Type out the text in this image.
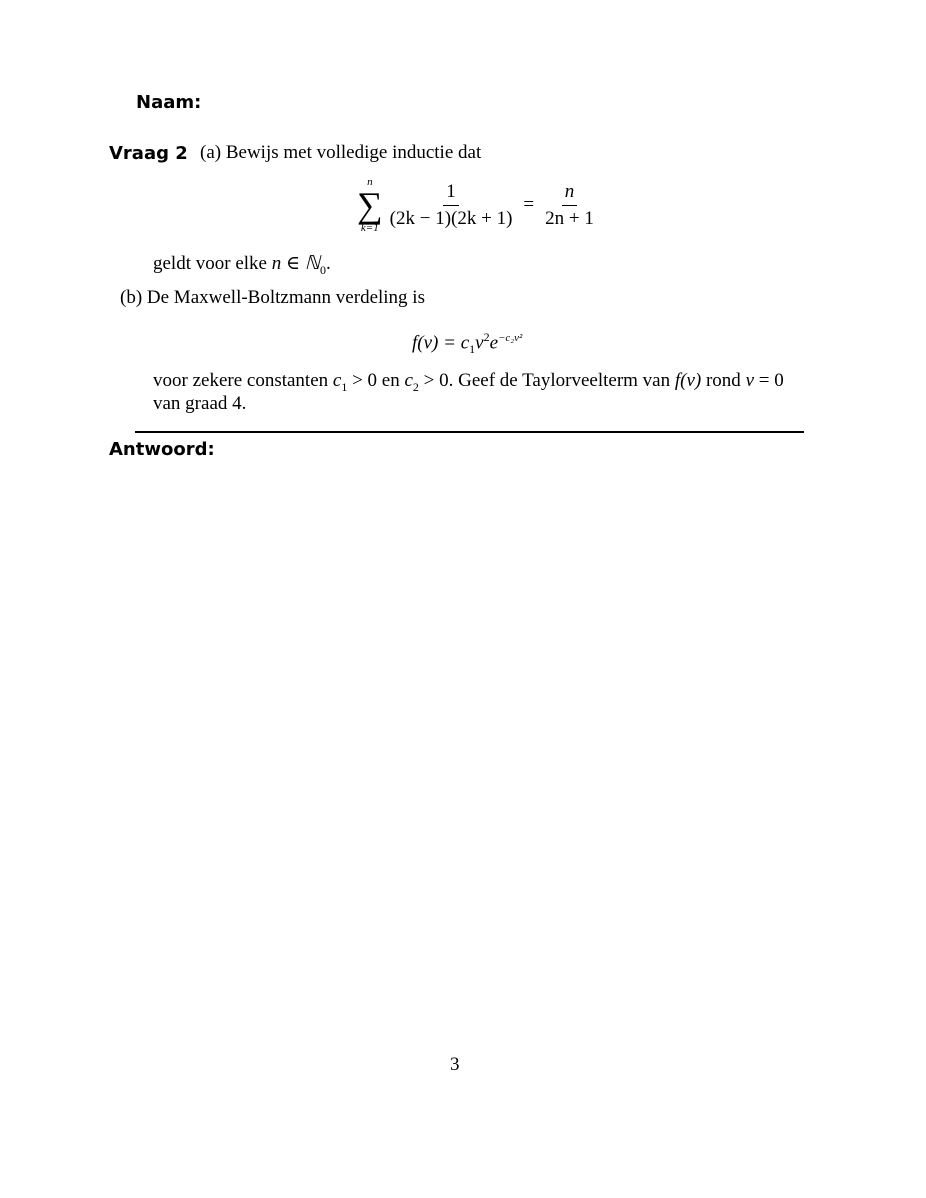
Naam:
Vraag 2 (a) Bewijs met volledige inductie dat
n
∑
$k=1 \frac{1}{(2k - 1)(2k + 1)} = \frac{n}{2n + 1}$
geldt voor elke n ∈ ℕ$_0$.
(b) De Maxwell-Boltzmann verdeling is
$f(v) = c_1v^2e^{-c_2v^2}$
voor zekere constanten $c_1 > 0$ en $c_2 > 0$. Geef de Taylorveelterm van f(v) rond v = 0
van graad 4.
Antwoord:
3
